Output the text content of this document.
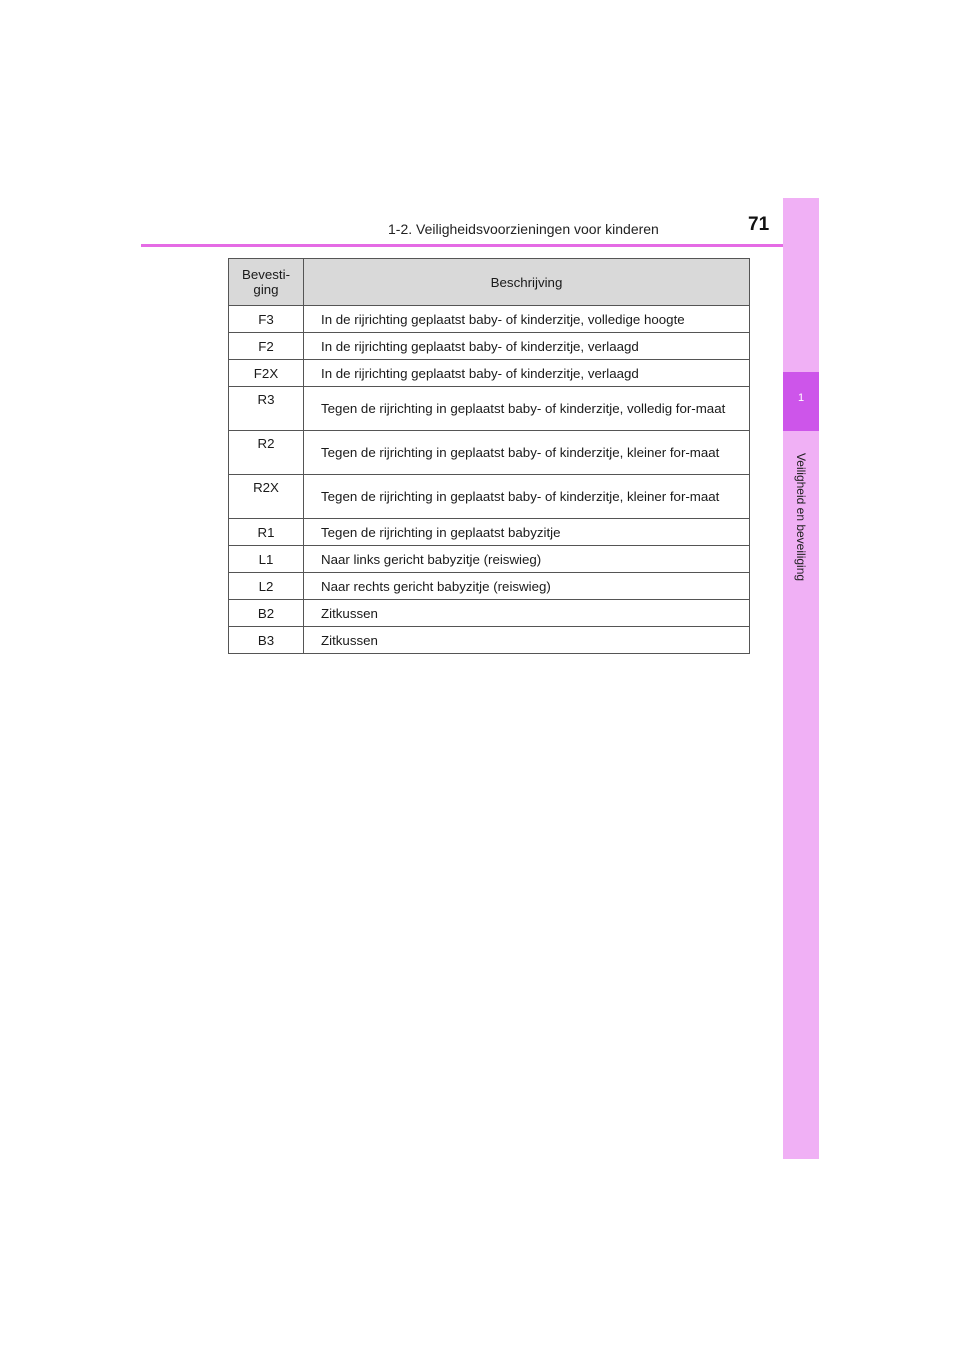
1-2. Veiligheidsvoorzieningen voor kinderen	71
1
Veiligheid en beveiliging
Bevesti-
ging	Beschrijving
F3	In de rijrichting geplaatst baby- of kinderzitje, volledige hoogte
F2	In de rijrichting geplaatst baby- of kinderzitje, verlaagd
F2X	In de rijrichting geplaatst baby- of kinderzitje, verlaagd
R3	Tegen de rijrichting in geplaatst baby- of kinderzitje, volledig for-maat
R2	Tegen de rijrichting in geplaatst baby- of kinderzitje, kleiner for-maat
R2X	Tegen de rijrichting in geplaatst baby- of kinderzitje, kleiner for-maat
R1	Tegen de rijrichting in geplaatst babyzitje
L1	Naar links gericht babyzitje (reiswieg)
L2	Naar rechts gericht babyzitje (reiswieg)
B2	Zitkussen
B3	Zitkussen
